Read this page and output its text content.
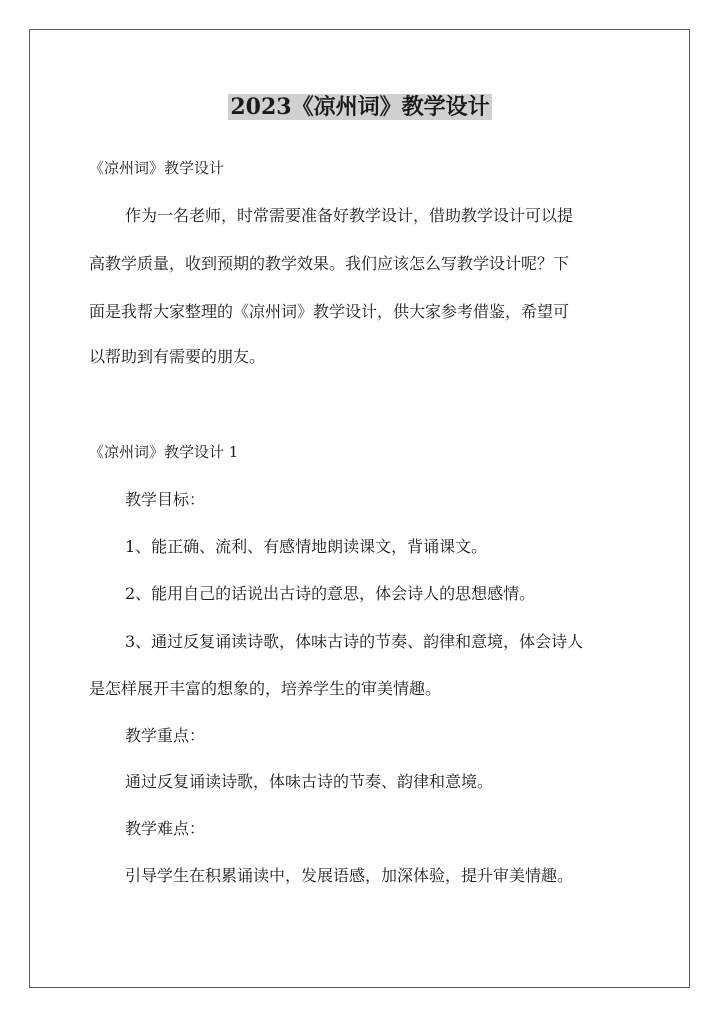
2023《凉州词》教学设计

《凉州词》教学设计

作为一名老师，时常需要准备好教学设计，借助教学设计可以提

高教学质量，收到预期的教学效果。我们应该怎么写教学设计呢？下

面是我帮大家整理的《凉州词》教学设计，供大家参考借鉴，希望可

以帮助到有需要的朋友。

《凉州词》教学设计 1

教学目标：

1、能正确、流利、有感情地朗读课文，背诵课文。

2、能用自己的话说出古诗的意思，体会诗人的思想感情。

3、通过反复诵读诗歌，体味古诗的节奏、韵律和意境，体会诗人

是怎样展开丰富的想象的，培养学生的审美情趣。

教学重点：

通过反复诵读诗歌，体味古诗的节奏、韵律和意境。

教学难点：

引导学生在积累诵读中，发展语感，加深体验，提升审美情趣。
